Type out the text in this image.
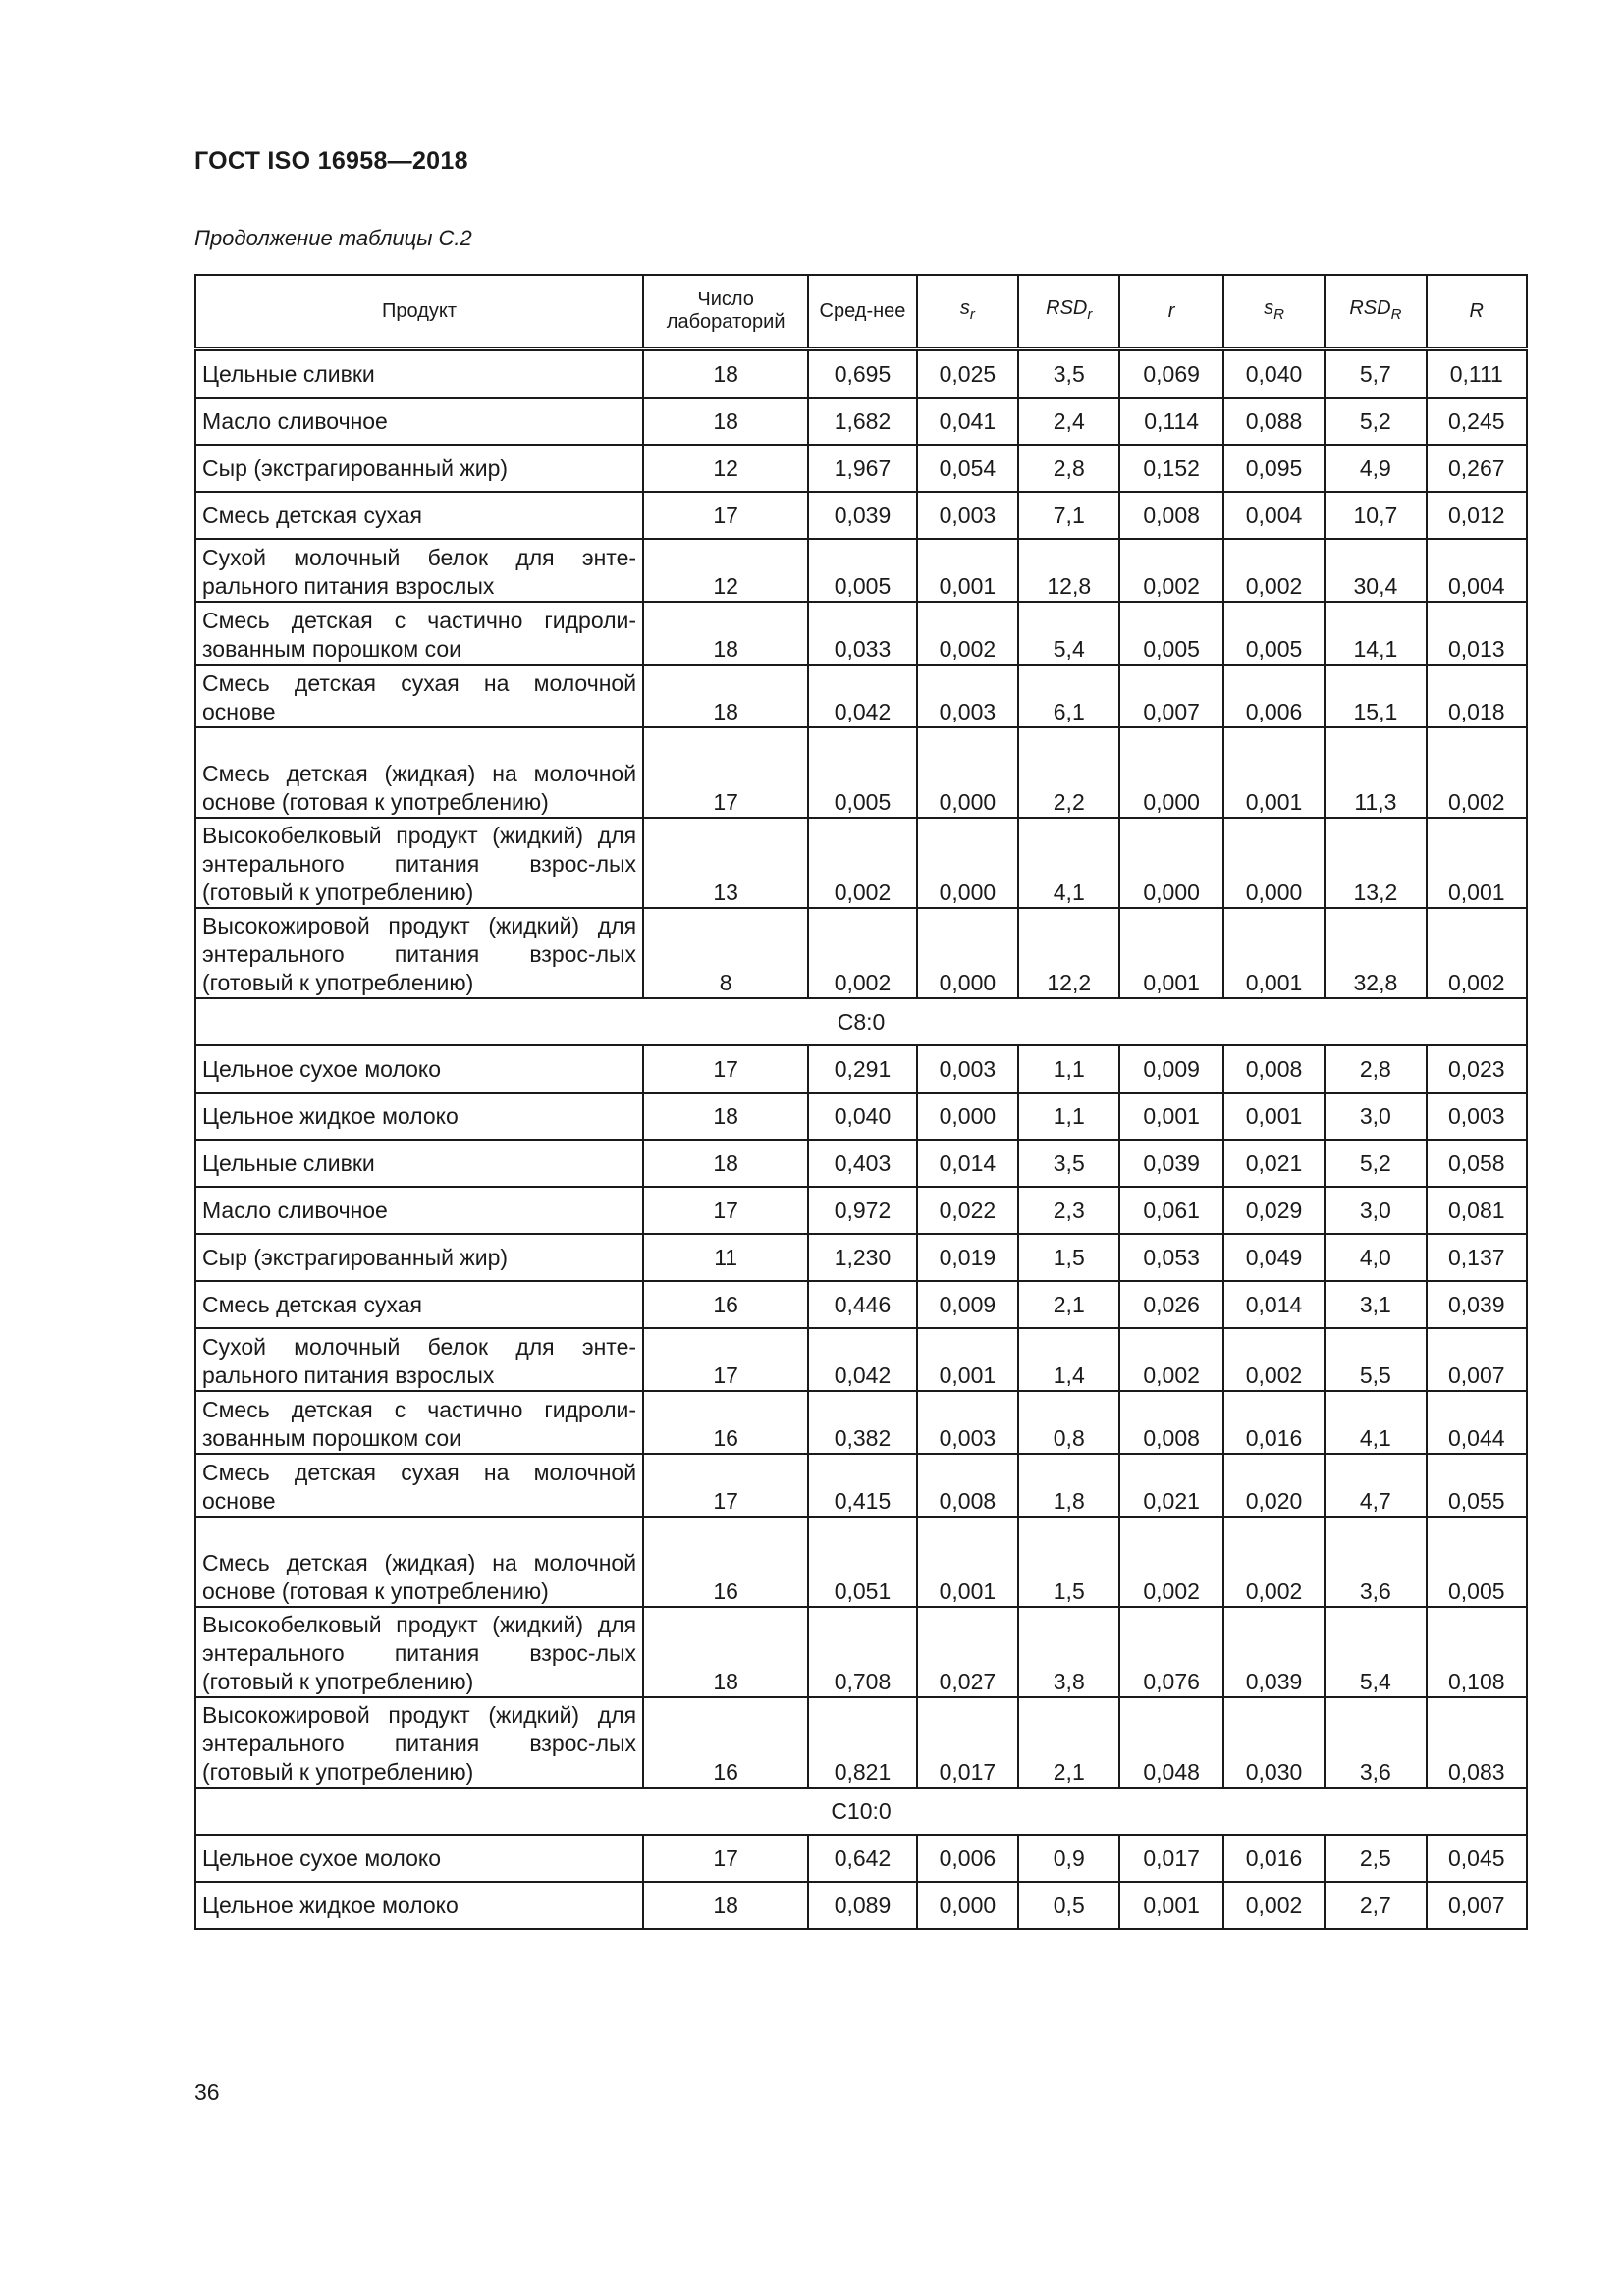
ГОСТ ISO 16958—2018
Продолжение таблицы С.2
Продукт	Число лабораторий	Сред-нее	$s_r$	$RSD_r$	r	$s_R$	$RSD_R$	R
Цельные сливки	18	0,695	0,025	3,5	0,069	0,040	5,7	0,111
Масло сливочное	18	1,682	0,041	2,4	0,114	0,088	5,2	0,245
Сыр (экстрагированный жир)	12	1,967	0,054	2,8	0,152	0,095	4,9	0,267
Смесь детская сухая	17	0,039	0,003	7,1	0,008	0,004	10,7	0,012
Сухой молочный белок для энте-рального питания взрослых	12	0,005	0,001	12,8	0,002	0,002	30,4	0,004
Смесь детская с частично гидроли-зованным порошком сои	18	0,033	0,002	5,4	0,005	0,005	14,1	0,013
Смесь детская сухая на молочной основе	18	0,042	0,003	6,1	0,007	0,006	15,1	0,018
Смесь детская (жидкая) на молочной основе (готовая к употреблению)	17	0,005	0,000	2,2	0,000	0,001	11,3	0,002
Высокобелковый продукт (жидкий) для энтерального питания взрос-лых (готовый к употреблению)	13	0,002	0,000	4,1	0,000	0,000	13,2	0,001
Высокожировой продукт (жидкий) для энтерального питания взрос-лых (готовый к употреблению)	8	0,002	0,000	12,2	0,001	0,001	32,8	0,002
С8:0								
Цельное сухое молоко	17	0,291	0,003	1,1	0,009	0,008	2,8	0,023
Цельное жидкое молоко	18	0,040	0,000	1,1	0,001	0,001	3,0	0,003
Цельные сливки	18	0,403	0,014	3,5	0,039	0,021	5,2	0,058
Масло сливочное	17	0,972	0,022	2,3	0,061	0,029	3,0	0,081
Сыр (экстрагированный жир)	11	1,230	0,019	1,5	0,053	0,049	4,0	0,137
Смесь детская сухая	16	0,446	0,009	2,1	0,026	0,014	3,1	0,039
Сухой молочный белок для энте-рального питания взрослых	17	0,042	0,001	1,4	0,002	0,002	5,5	0,007
Смесь детская с частично гидроли-зованным порошком сои	16	0,382	0,003	0,8	0,008	0,016	4,1	0,044
Смесь детская сухая на молочной основе	17	0,415	0,008	1,8	0,021	0,020	4,7	0,055
Смесь детская (жидкая) на молочной основе (готовая к употреблению)	16	0,051	0,001	1,5	0,002	0,002	3,6	0,005
Высокобелковый продукт (жидкий) для энтерального питания взрос-лых (готовый к употреблению)	18	0,708	0,027	3,8	0,076	0,039	5,4	0,108
Высокожировой продукт (жидкий) для энтерального питания взрос-лых (готовый к употреблению)	16	0,821	0,017	2,1	0,048	0,030	3,6	0,083
С10:0								
Цельное сухое молоко	17	0,642	0,006	0,9	0,017	0,016	2,5	0,045
Цельное жидкое молоко	18	0,089	0,000	0,5	0,001	0,002	2,7	0,007
36
